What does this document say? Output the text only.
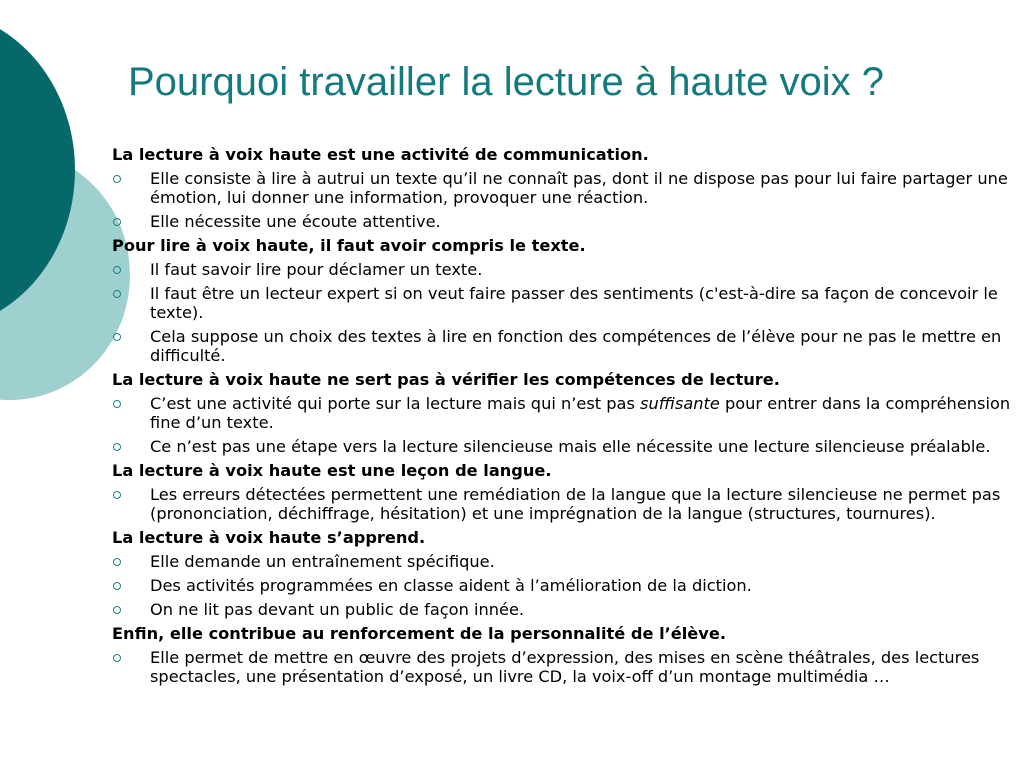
Pourquoi travailler la lecture à haute voix ?

La lecture à voix haute est une activité de communication.

Elle consiste à lire à autrui un texte qu’il ne connaît pas, dont il ne dispose pas pour lui faire partager une émotion, lui donner une information, provoquer une réaction.
Elle nécessite une écoute attentive.

Pour lire à voix haute, il faut avoir compris le texte.

Il faut savoir lire pour déclamer un texte.
Il faut être un lecteur expert si on veut faire passer des sentiments (c'est-à-dire sa façon de concevoir le texte).
Cela suppose un choix des textes à lire en fonction des compétences de l’élève pour ne pas le mettre en difficulté.

La lecture à voix haute ne sert pas à vérifier les compétences de lecture.

C’est une activité qui porte sur la lecture mais qui n’est pas suffisante pour entrer dans la compréhension fine d’un texte.
Ce n’est pas une étape vers la lecture silencieuse mais elle nécessite une lecture silencieuse préalable.

La lecture à voix haute est une leçon de langue.

Les erreurs détectées permettent une remédiation de la langue que la lecture silencieuse ne permet pas (prononciation, déchiffrage, hésitation) et une imprégnation de la langue (structures, tournures).

La lecture à voix haute s’apprend.

Elle demande un entraînement spécifique.
Des activités programmées en classe aident à l’amélioration de la diction.
On ne lit pas devant un public de façon innée.

Enfin, elle contribue au renforcement de la personnalité de l’élève.

Elle permet de mettre en œuvre des projets d’expression, des mises en scène théâtrales, des lectures spectacles, une présentation d’exposé, un livre CD, la voix-off d’un montage multimédia …
